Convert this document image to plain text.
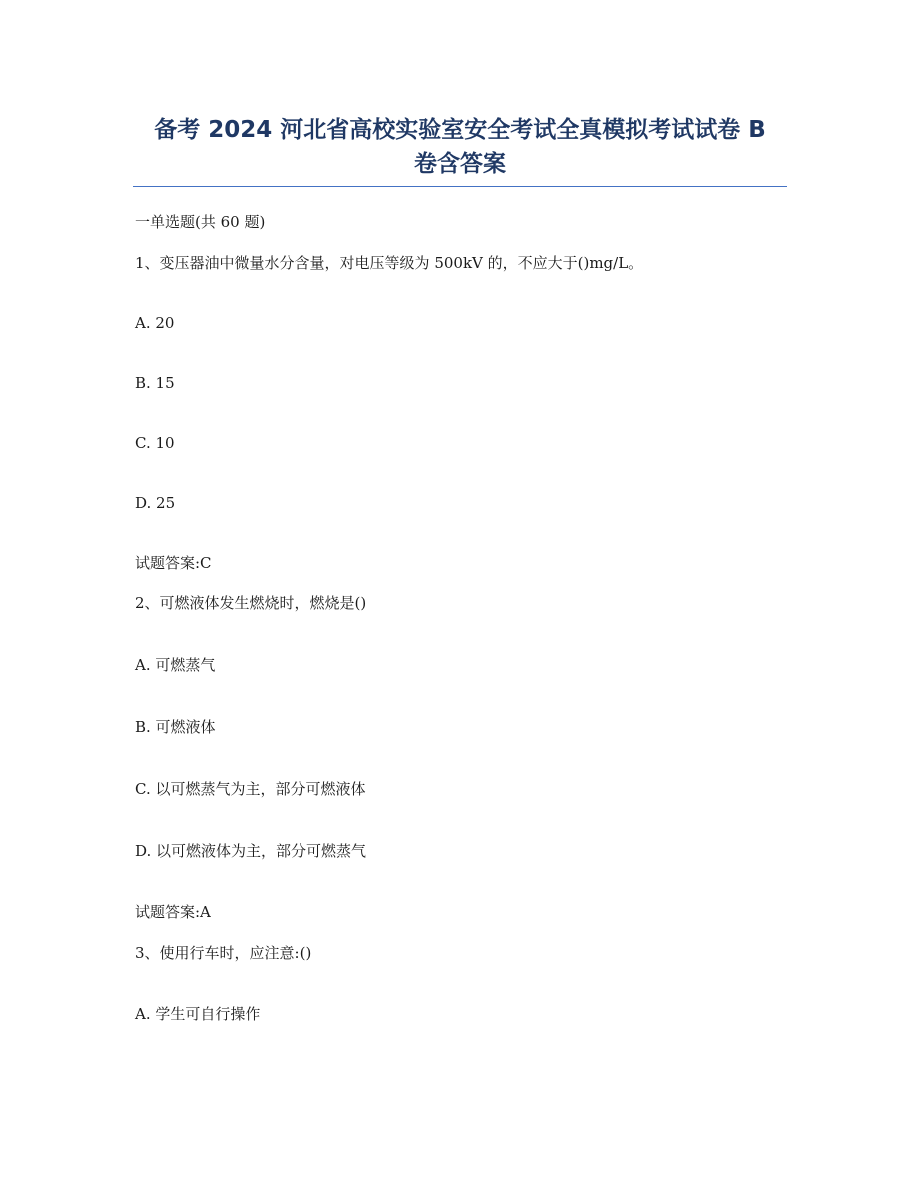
备考 2024 河北省高校实验室安全考试全真模拟考试试卷 B
卷含答案
一单选题(共 60 题)
1、变压器油中微量水分含量，对电压等级为 500kV 的，不应大于()mg/L。
A. 20
B. 15
C. 10
D. 25
试题答案:C
2、可燃液体发生燃烧时，燃烧是()
A. 可燃蒸气
B. 可燃液体
C. 以可燃蒸气为主，部分可燃液体
D. 以可燃液体为主，部分可燃蒸气
试题答案:A
3、使用行车时，应注意:()
A. 学生可自行操作
